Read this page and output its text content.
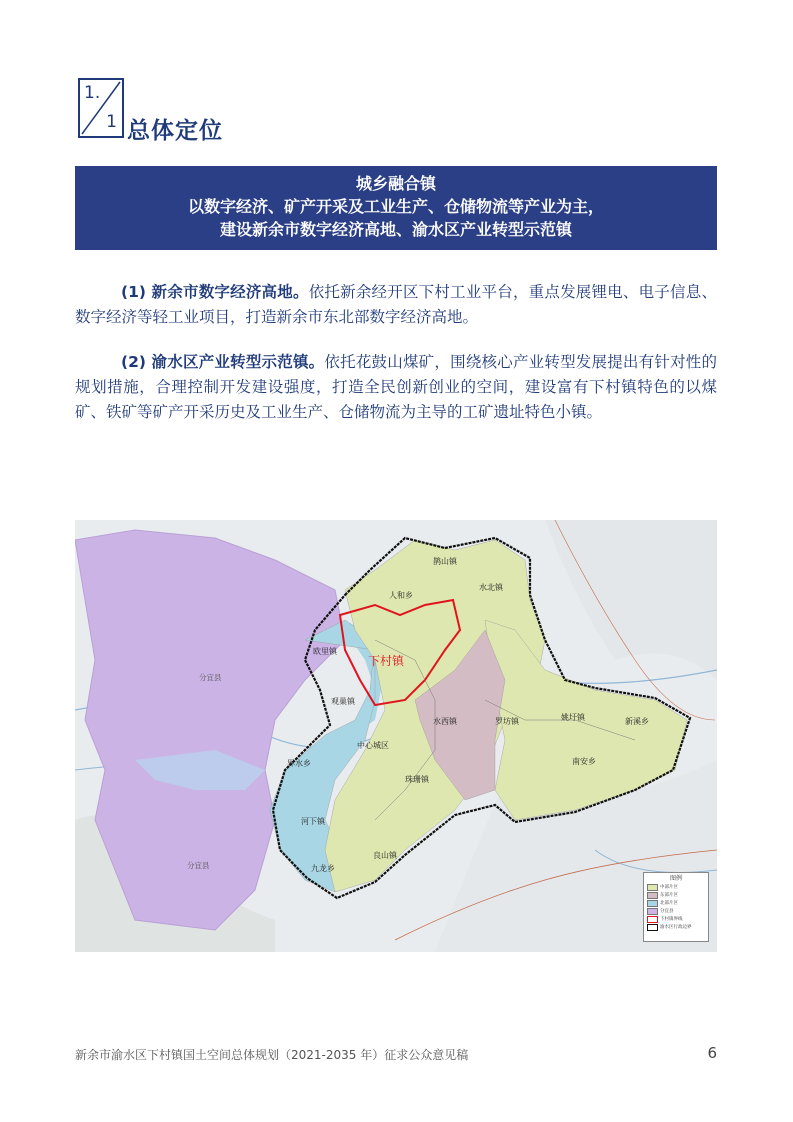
1.
1 总体定位
城乡融合镇
以数字经济、矿产开采及工业生产、仓储物流等产业为主，
建设新余市数字经济高地、渝水区产业转型示范镇
(1) 新余市数字经济高地。依托新余经开区下村工业平台，重点发展锂电、电子信息、数字经济等轻工业项目，打造新余市东北部数字经济高地。
(2) 渝水区产业转型示范镇。依托花鼓山煤矿，围绕核心产业转型发展提出有针对性的规划措施，合理控制开发建设强度，打造全民创新创业的空间，建设富有下村镇特色的以煤矿、铁矿等矿产开采历史及工业生产、仓储物流为主导的工矿遗址特色小镇。
下村镇
欧里镇
观巢镇
界水乡
中心城区
河下镇
九龙乡
良山镇
珠珊镇
水西镇	罗坊镇	姚圩镇	新溪乡
南安乡
水北镇
人和乡
鹊山镇
分宜县
分宜县
图例
中部片区
东部片区
北部片区
分宜县
下村镇界线
渝水区行政边界
新余市渝水区下村镇国土空间总体规划（2021-2035 年）征求公众意见稿	6
